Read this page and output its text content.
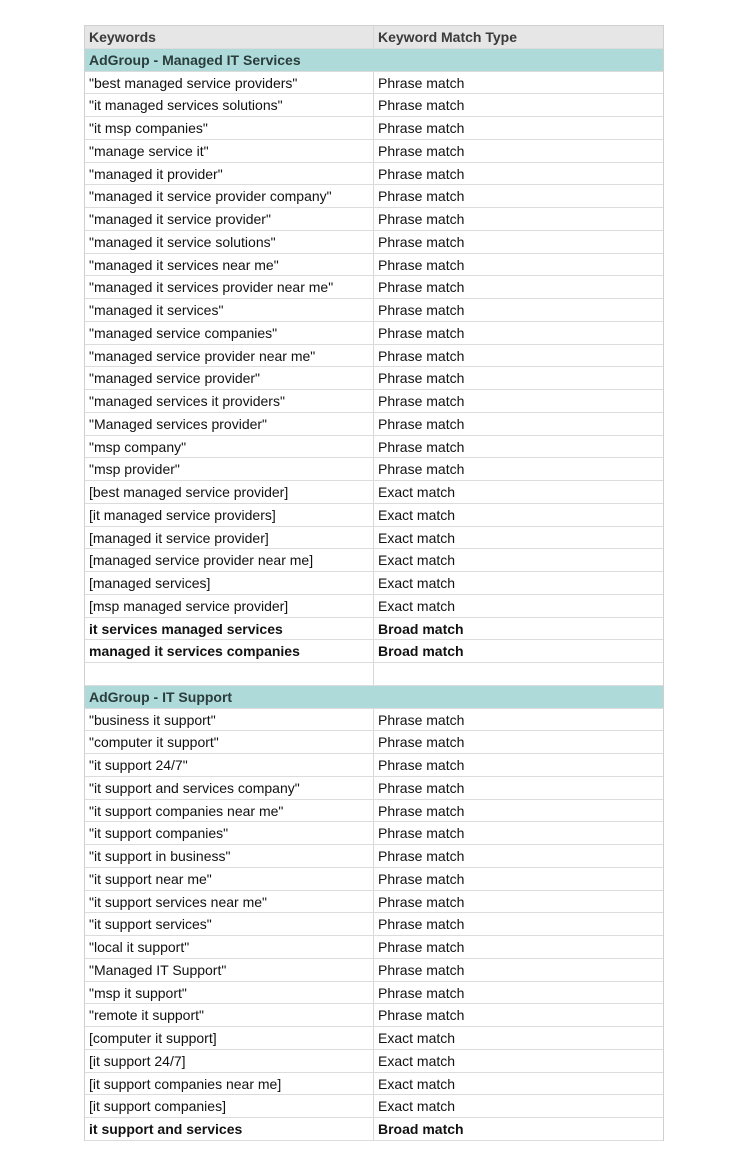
Keywords	Keyword Match Type
AdGroup - Managed IT Services
"best managed service providers"	Phrase match
"it managed services solutions"	Phrase match
"it msp companies"	Phrase match
"manage service it"	Phrase match
"managed it provider"	Phrase match
"managed it service provider company"	Phrase match
"managed it service provider"	Phrase match
"managed it service solutions"	Phrase match
"managed it services near me"	Phrase match
"managed it services provider near me"	Phrase match
"managed it services"	Phrase match
"managed service companies"	Phrase match
"managed service provider near me"	Phrase match
"managed service provider"	Phrase match
"managed services it providers"	Phrase match
"Managed services provider"	Phrase match
"msp company"	Phrase match
"msp provider"	Phrase match
[best managed service provider]	Exact match
[it managed service providers]	Exact match
[managed it service provider]	Exact match
[managed service provider near me]	Exact match
[managed services]	Exact match
[msp managed service provider]	Exact match
it services managed services	Broad match
managed it services companies	Broad match
AdGroup - IT Support
"business it support"	Phrase match
"computer it support"	Phrase match
"it support 24/7"	Phrase match
"it support and services company"	Phrase match
"it support companies near me"	Phrase match
"it support companies"	Phrase match
"it support in business"	Phrase match
"it support near me"	Phrase match
"it support services near me"	Phrase match
"it support services"	Phrase match
"local it support"	Phrase match
"Managed IT Support"	Phrase match
"msp it support"	Phrase match
"remote it support"	Phrase match
[computer it support]	Exact match
[it support 24/7]	Exact match
[it support companies near me]	Exact match
[it support companies]	Exact match
it support and services	Broad match
